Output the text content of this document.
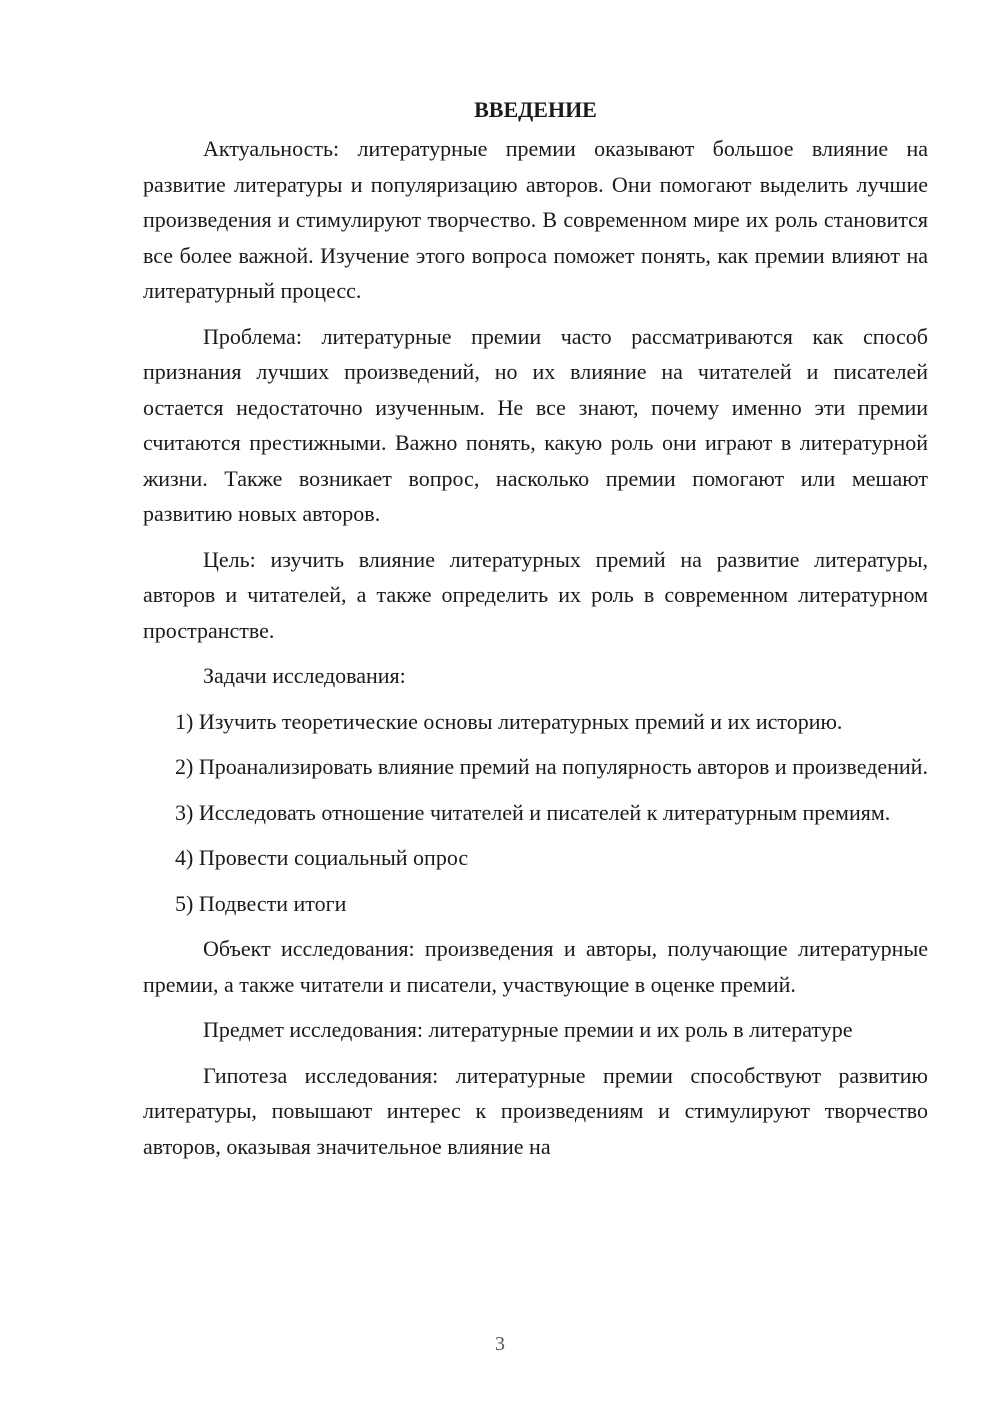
ВВЕДЕНИЕ

Актуальность: литературные премии оказывают большое влияние на развитие литературы и популяризацию авторов. Они помогают выделить лучшие произведения и стимулируют творчество. В современном мире их роль становится все более важной. Изучение этого вопроса поможет понять, как премии влияют на литературный процесс.

Проблема: литературные премии часто рассматриваются как способ признания лучших произведений, но их влияние на читателей и писателей остается недостаточно изученным. Не все знают, почему именно эти премии считаются престижными. Важно понять, какую роль они играют в литературной жизни. Также возникает вопрос, насколько премии помогают или мешают развитию новых авторов.

Цель: изучить влияние литературных премий на развитие литературы, авторов и читателей, а также определить их роль в современном литературном пространстве.

Задачи исследования:

1) Изучить теоретические основы литературных премий и их историю.

2) Проанализировать влияние премий на популярность авторов и произведений.

3) Исследовать отношение читателей и писателей к литературным премиям.

4) Провести социальный опрос

5) Подвести итоги

Объект исследования: произведения и авторы, получающие литературные премии, а также читатели и писатели, участвующие в оценке премий.

Предмет исследования: литературные премии и их роль в литературе

Гипотеза исследования: литературные премии способствуют развитию литературы, повышают интерес к произведениям и стимулируют творчество авторов, оказывая значительное влияние на

3
